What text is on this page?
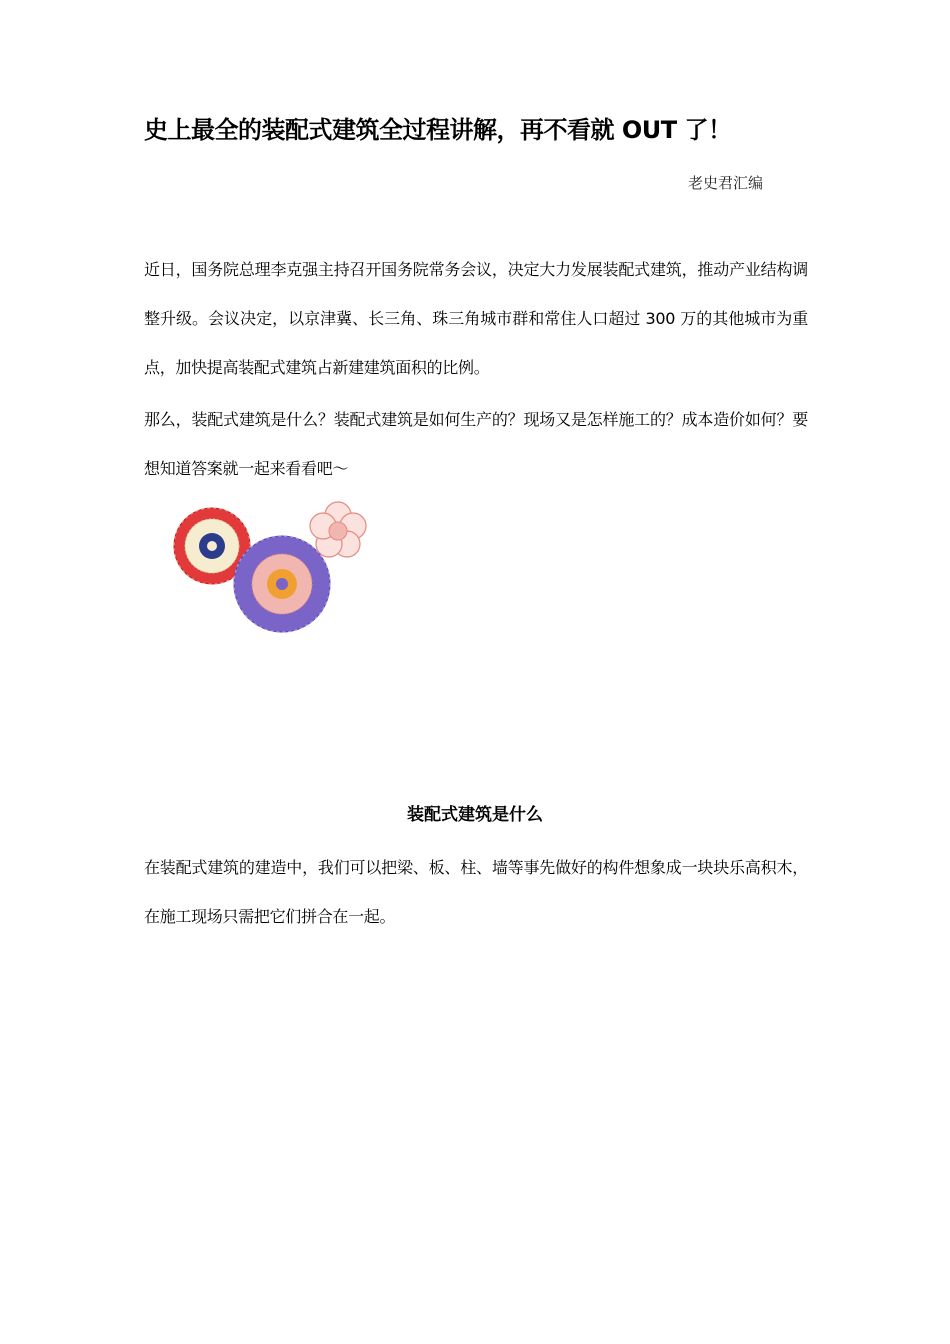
史上最全的装配式建筑全过程讲解，再不看就 OUT 了！
老史君汇编
近日，国务院总理李克强主持召开国务院常务会议，决定大力发展装配式建筑，推动产业结构调整升级。会议决定，以京津冀、长三角、珠三角城市群和常住人口超过 300 万的其他城市为重点，加快提高装配式建筑占新建建筑面积的比例。
那么，装配式建筑是什么？装配式建筑是如何生产的？现场又是怎样施工的？成本造价如何？要想知道答案就一起来看看吧～
装配式建筑是什么
在装配式建筑的建造中，我们可以把梁、板、柱、墙等事先做好的构件想象成一块块乐高积木，在施工现场只需把它们拼合在一起。
